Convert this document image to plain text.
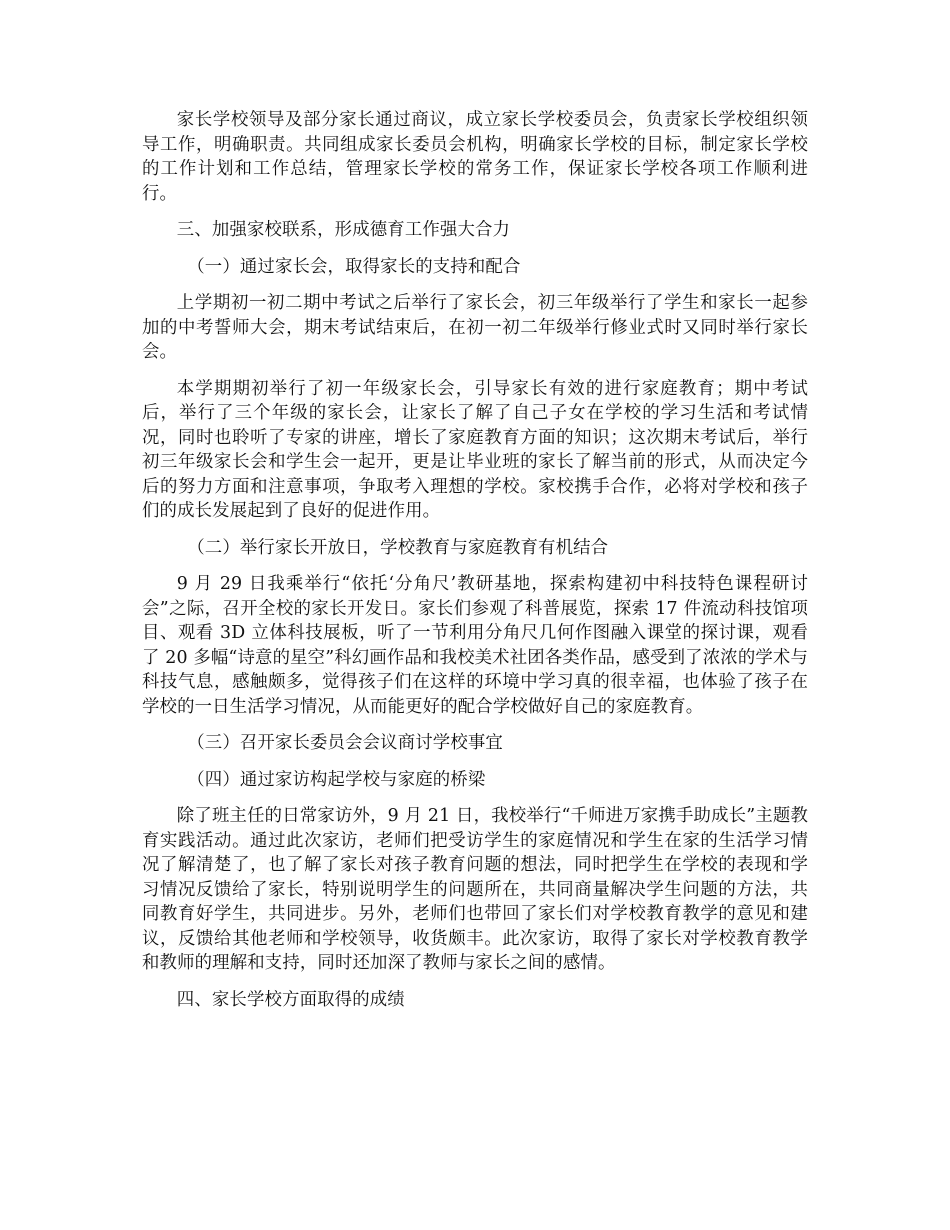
家长学校领导及部分家长通过商议，成立家长学校委员会，负责家长学校组织领导工作，明确职责。共同组成家长委员会机构，明确家长学校的目标，制定家长学校的工作计划和工作总结，管理家长学校的常务工作，保证家长学校各项工作顺利进行。

三、加强家校联系，形成德育工作强大合力

（一）通过家长会，取得家长的支持和配合

上学期初一初二期中考试之后举行了家长会，初三年级举行了学生和家长一起参加的中考誓师大会，期末考试结束后，在初一初二年级举行修业式时又同时举行家长会。

本学期期初举行了初一年级家长会，引导家长有效的进行家庭教育；期中考试后，举行了三个年级的家长会，让家长了解了自己子女在学校的学习生活和考试情况，同时也聆听了专家的讲座，增长了家庭教育方面的知识；这次期末考试后，举行初三年级家长会和学生会一起开，更是让毕业班的家长了解当前的形式，从而决定今后的努力方面和注意事项，争取考入理想的学校。家校携手合作，必将对学校和孩子们的成长发展起到了良好的促进作用。

（二）举行家长开放日，学校教育与家庭教育有机结合

9 月 29 日我乘举行“依托‘分角尺’教研基地，探索构建初中科技特色课程研讨会”之际，召开全校的家长开发日。家长们参观了科普展览，探索 17 件流动科技馆项目、观看 3D 立体科技展板，听了一节利用分角尺几何作图融入课堂的探讨课，观看了 20 多幅“诗意的星空”科幻画作品和我校美术社团各类作品，感受到了浓浓的学术与科技气息，感触颇多，觉得孩子们在这样的环境中学习真的很幸福，也体验了孩子在学校的一日生活学习情况，从而能更好的配合学校做好自己的家庭教育。

（三）召开家长委员会会议商讨学校事宜

（四）通过家访构起学校与家庭的桥梁

除了班主任的日常家访外，9 月 21 日，我校举行“千师进万家携手助成长”主题教育实践活动。通过此次家访，老师们把受访学生的家庭情况和学生在家的生活学习情况了解清楚了，也了解了家长对孩子教育问题的想法，同时把学生在学校的表现和学习情况反馈给了家长，特别说明学生的问题所在，共同商量解决学生问题的方法，共同教育好学生，共同进步。另外，老师们也带回了家长们对学校教育教学的意见和建议，反馈给其他老师和学校领导，收货颇丰。此次家访，取得了家长对学校教育教学和教师的理解和支持，同时还加深了教师与家长之间的感情。

四、家长学校方面取得的成绩
